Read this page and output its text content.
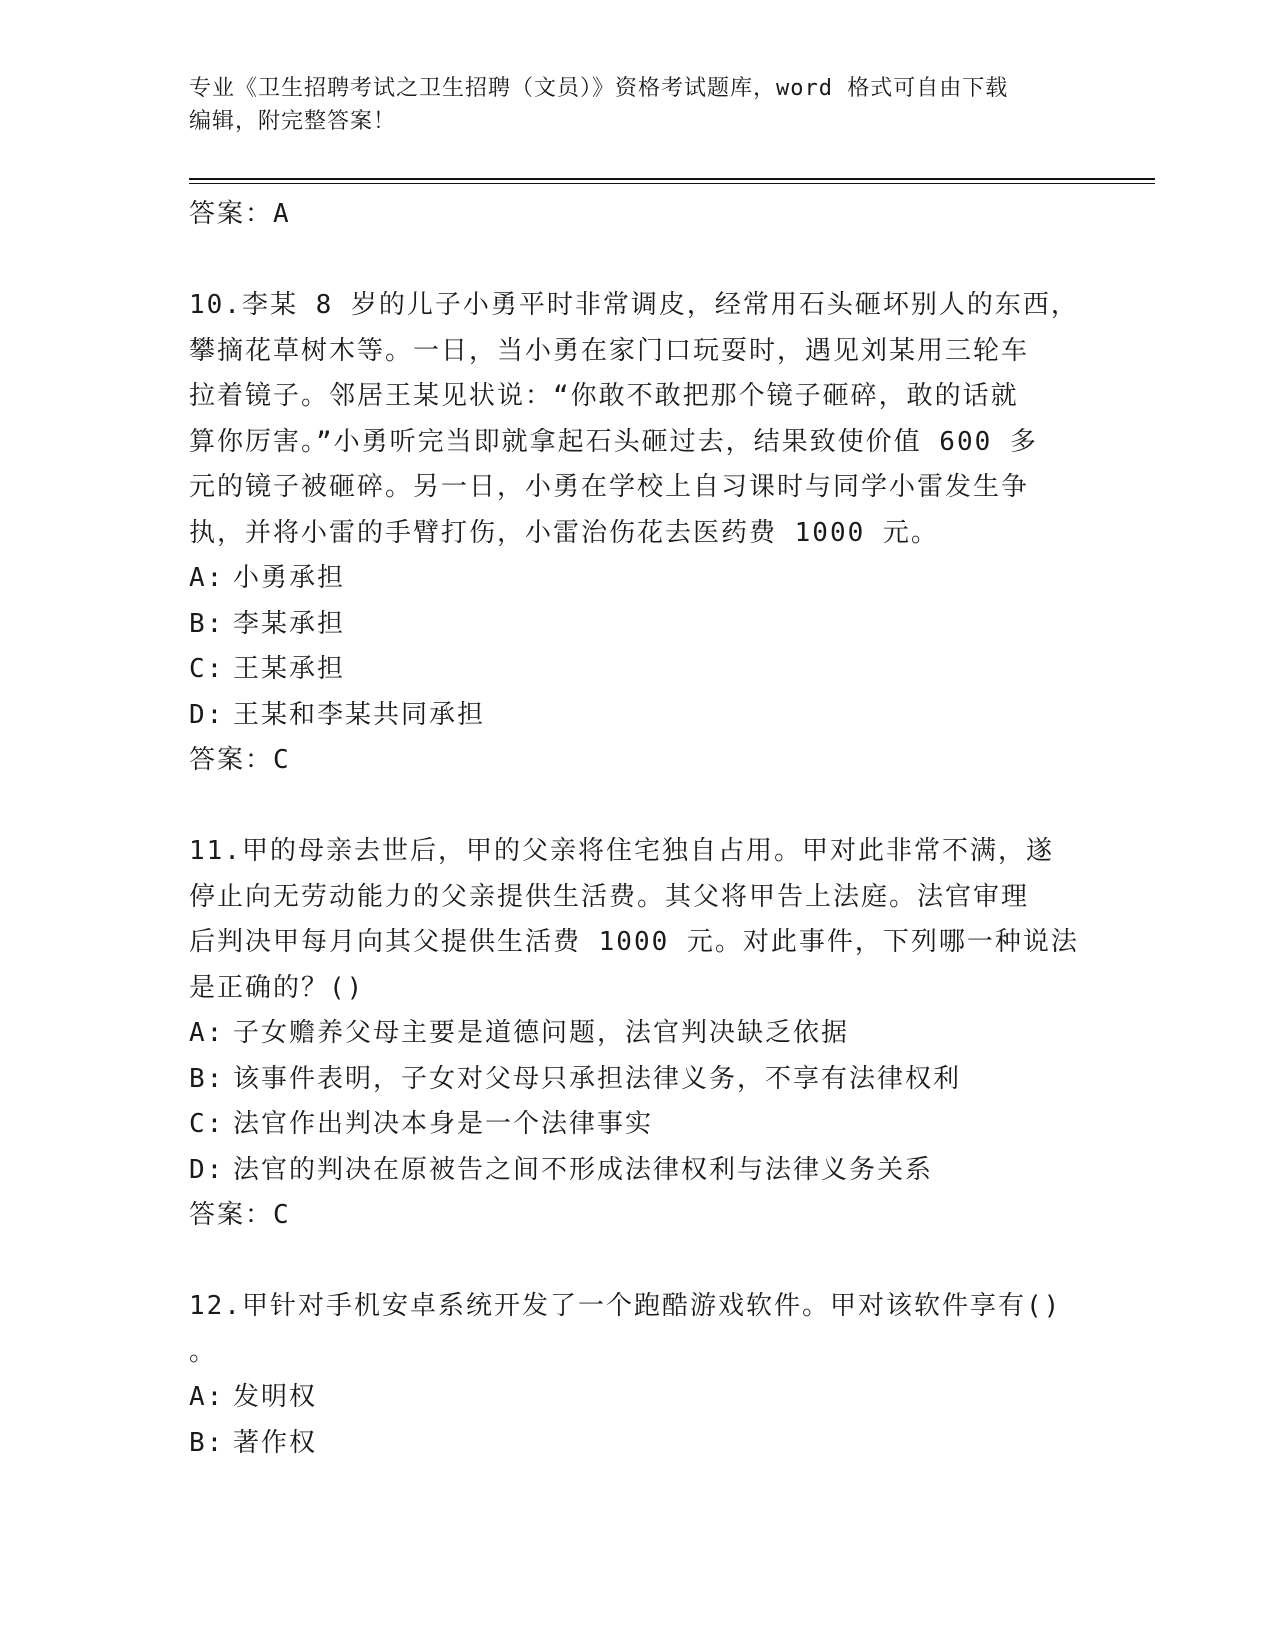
专业《卫生招聘考试之卫生招聘（文员）》资格考试题库，word 格式可自由下载
编辑，附完整答案！

答案：A

10.李某 8 岁的儿子小勇平时非常调皮，经常用石头砸坏别人的东西，

攀摘花草树木等。一日，当小勇在家门口玩耍时，遇见刘某用三轮车

拉着镜子。邻居王某见状说：“你敢不敢把那个镜子砸碎，敢的话就

算你厉害。”小勇听完当即就拿起石头砸过去，结果致使价值 600 多

元的镜子被砸碎。另一日，小勇在学校上自习课时与同学小雷发生争

执，并将小雷的手臂打伤，小雷治伤花去医药费 1000 元。

A: 小勇承担

B: 李某承担

C: 王某承担

D: 王某和李某共同承担

答案：C

11.甲的母亲去世后，甲的父亲将住宅独自占用。甲对此非常不满，遂

停止向无劳动能力的父亲提供生活费。其父将甲告上法庭。法官审理

后判决甲每月向其父提供生活费 1000 元。对此事件，下列哪一种说法

是正确的？()

A: 子女赡养父母主要是道德问题，法官判决缺乏依据

B: 该事件表明，子女对父母只承担法律义务，不享有法律权利

C: 法官作出判决本身是一个法律事实

D: 法官的判决在原被告之间不形成法律权利与法律义务关系

答案：C

12.甲针对手机安卓系统开发了一个跑酷游戏软件。甲对该软件享有()

。

A: 发明权

B: 著作权
